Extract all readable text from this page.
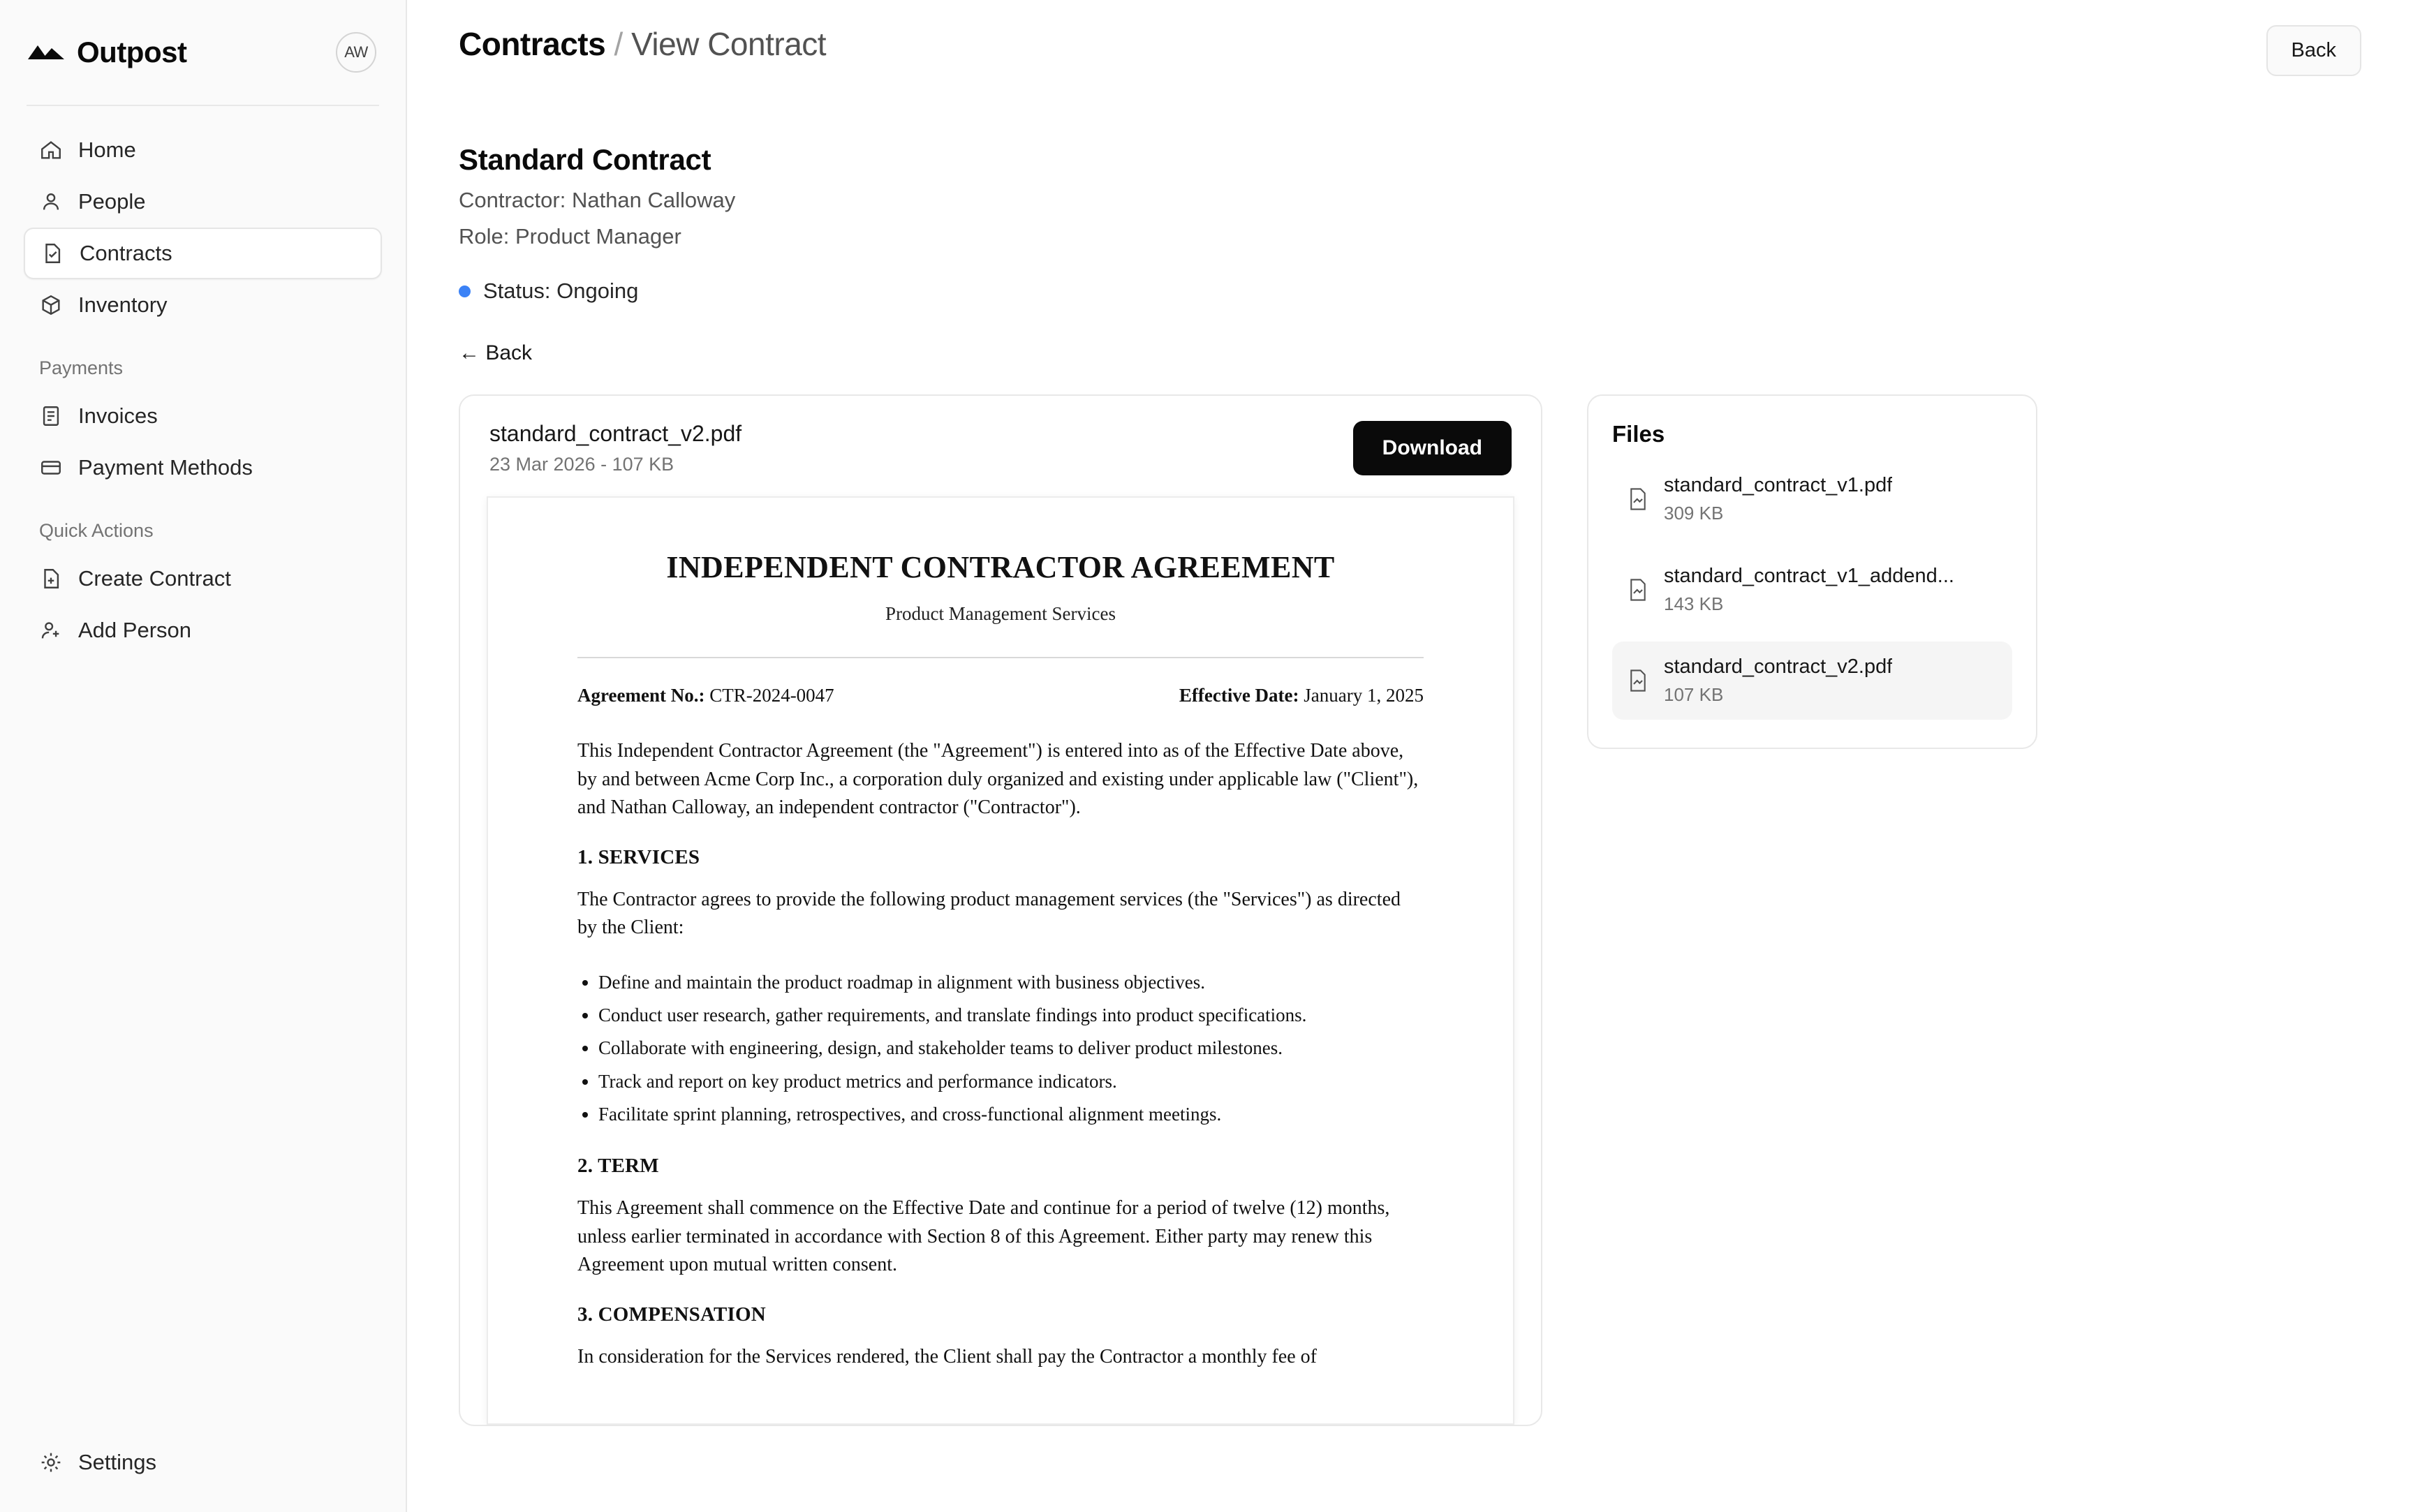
Outpost	AW
Home
People
Contracts
Inventory
Payments
Invoices
Payment Methods
Quick Actions
Create Contract
Add Person
Settings
Contracts / View Contract	Back
Standard Contract
Contractor: Nathan Calloway
Role: Product Manager
Status: Ongoing
← Back
standard_contract_v2.pdf
23 Mar 2026 - 107 KB
Download
INDEPENDENT CONTRACTOR AGREEMENT
Product Management Services
Agreement No.: CTR-2024-0047	Effective Date: January 1, 2025

This Independent Contractor Agreement (the "Agreement") is entered into as of the Effective Date above, by and between Acme Corp Inc., a corporation duly organized and existing under applicable law ("Client"), and Nathan Calloway, an independent contractor ("Contractor").

1. SERVICES

The Contractor agrees to provide the following product management services (the "Services") as directed by the Client:

• Define and maintain the product roadmap in alignment with business objectives.
• Conduct user research, gather requirements, and translate findings into product specifications.
• Collaborate with engineering, design, and stakeholder teams to deliver product milestones.
• Track and report on key product metrics and performance indicators.
• Facilitate sprint planning, retrospectives, and cross-functional alignment meetings.
2. TERM

This Agreement shall commence on the Effective Date and continue for a period of twelve (12) months, unless earlier terminated in accordance with Section 8 of this Agreement. Either party may renew this Agreement upon mutual written consent.

3. COMPENSATION

In consideration for the Services rendered, the Client shall pay the Contractor a monthly fee of

Files
standard_contract_v1.pdf
309 KB
standard_contract_v1_addend...
143 KB
standard_contract_v2.pdf
107 KB
